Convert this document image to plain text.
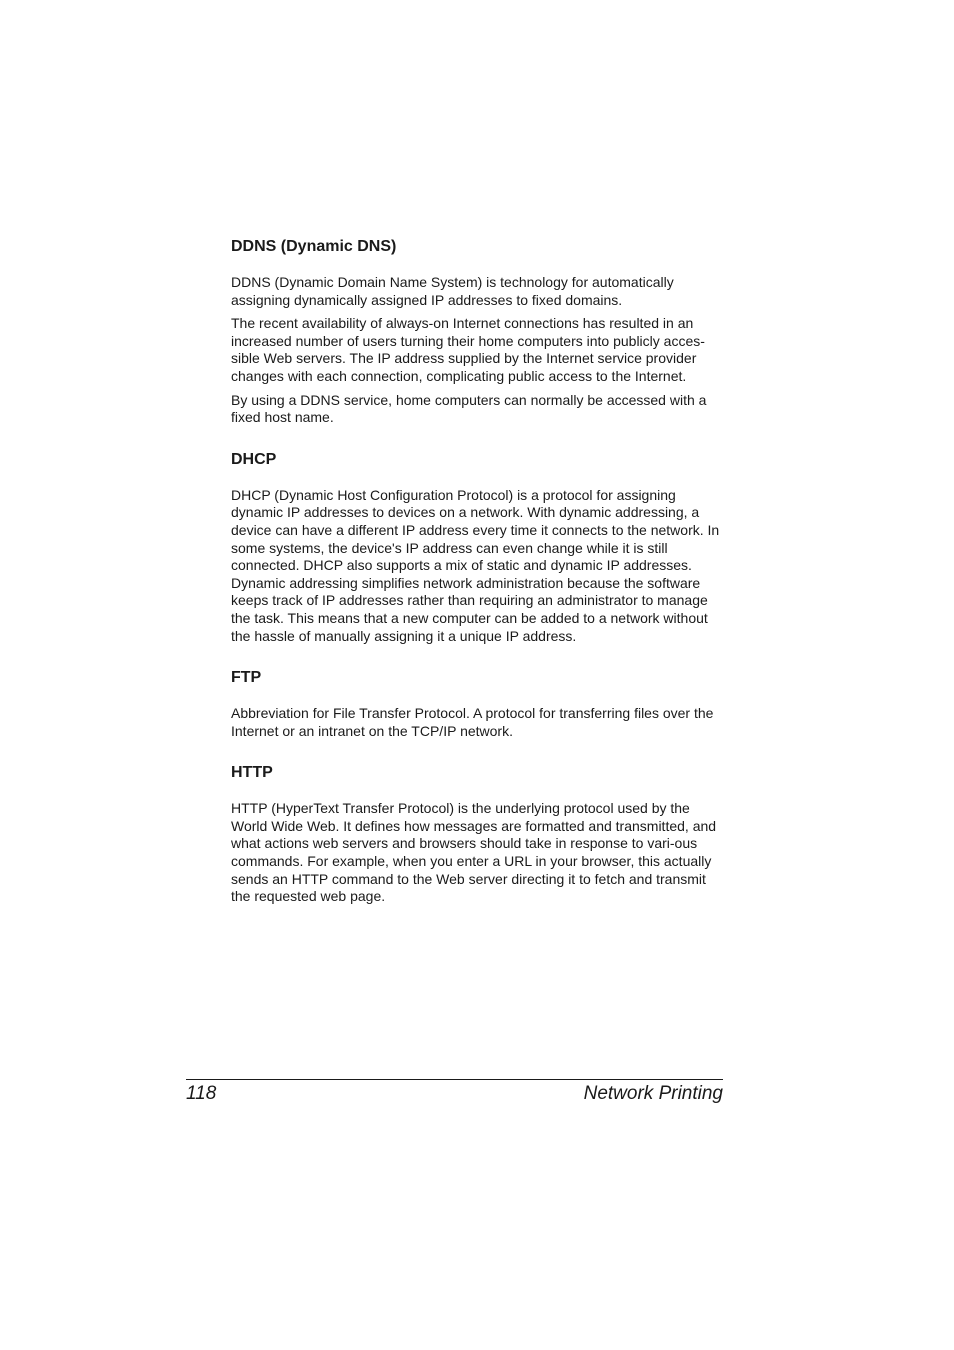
DDNS (Dynamic DNS)

DDNS (Dynamic Domain Name System) is technology for automatically assigning dynamically assigned IP addresses to fixed domains.

The recent availability of always-on Internet connections has resulted in an increased number of users turning their home computers into publicly acces-sible Web servers. The IP address supplied by the Internet service provider changes with each connection, complicating public access to the Internet.

By using a DDNS service, home computers can normally be accessed with a fixed host name.

DHCP

DHCP (Dynamic Host Configuration Protocol) is a protocol for assigning dynamic IP addresses to devices on a network. With dynamic addressing, a device can have a different IP address every time it connects to the network. In some systems, the device's IP address can even change while it is still connected. DHCP also supports a mix of static and dynamic IP addresses. Dynamic addressing simplifies network administration because the software keeps track of IP addresses rather than requiring an administrator to manage the task. This means that a new computer can be added to a network without the hassle of manually assigning it a unique IP address.

FTP

Abbreviation for File Transfer Protocol. A protocol for transferring files over the Internet or an intranet on the TCP/IP network.

HTTP

HTTP (HyperText Transfer Protocol) is the underlying protocol used by the World Wide Web. It defines how messages are formatted and transmitted, and what actions web servers and browsers should take in response to vari-ous commands. For example, when you enter a URL in your browser, this actually sends an HTTP command to the Web server directing it to fetch and transmit the requested web page.

118	Network Printing
